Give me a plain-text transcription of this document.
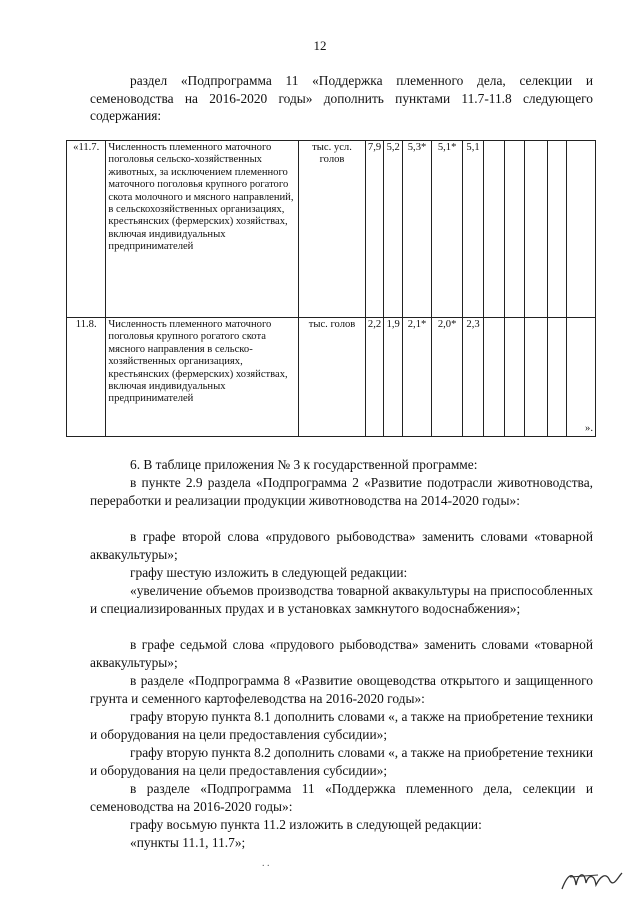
12
раздел «Подпрограмма 11 «Поддержка племенного дела, селекции и семеноводства на 2016-2020 годы» дополнить пунктами 11.7-11.8 следующего содержания:
«11.7.	Численность племенного маточного поголовья сельско-хозяйственных животных, за исключением племенного маточного поголовья крупного рогатого скота молочного и мясного направлений, в сельскохозяйственных организациях, крестьянских (фермерских) хозяйствах, включая индивидуальных предпринимателей	тыс. усл. голов	7,9	5,2	5,3*	5,1*	5,1					
11.8.	Численность племенного маточного поголовья крупного рогатого скота мясного направления в сельско-хозяйственных организациях, крестьянских (фермерских) хозяйствах, включая индивидуальных предпринимателей	тыс. голов	2,2	1,9	2,1*	2,0*	2,3					».
6. В таблице приложения № 3 к государственной программе:
в пункте 2.9 раздела «Подпрограмма 2 «Развитие подотрасли животноводства, переработки и реализации продукции животноводства на 2014-2020 годы»:
в графе второй слова «прудового рыбоводства» заменить словами «товарной аквакультуры»;
графу шестую изложить в следующей редакции:
«увеличение объемов производства товарной аквакультуры на приспособленных и специализированных прудах и в установках замкнутого водоснабжения»;
в графе седьмой слова «прудового рыбоводства» заменить словами «товарной аквакультуры»;
в разделе «Подпрограмма 8 «Развитие овощеводства открытого и защищенного грунта и семенного картофелеводства на 2016-2020 годы»:
графу вторую пункта 8.1 дополнить словами «, а также на приобретение техники и оборудования на цели предоставления субсидии»;
графу вторую пункта 8.2 дополнить словами «, а также на приобретение техники и оборудования на цели предоставления субсидии»;
в разделе «Подпрограмма 11 «Поддержка племенного дела, селекции и семеноводства на 2016-2020 годы»:
графу восьмую пункта 11.2 изложить в следующей редакции:
«пункты 11.1, 11.7»;
. .
